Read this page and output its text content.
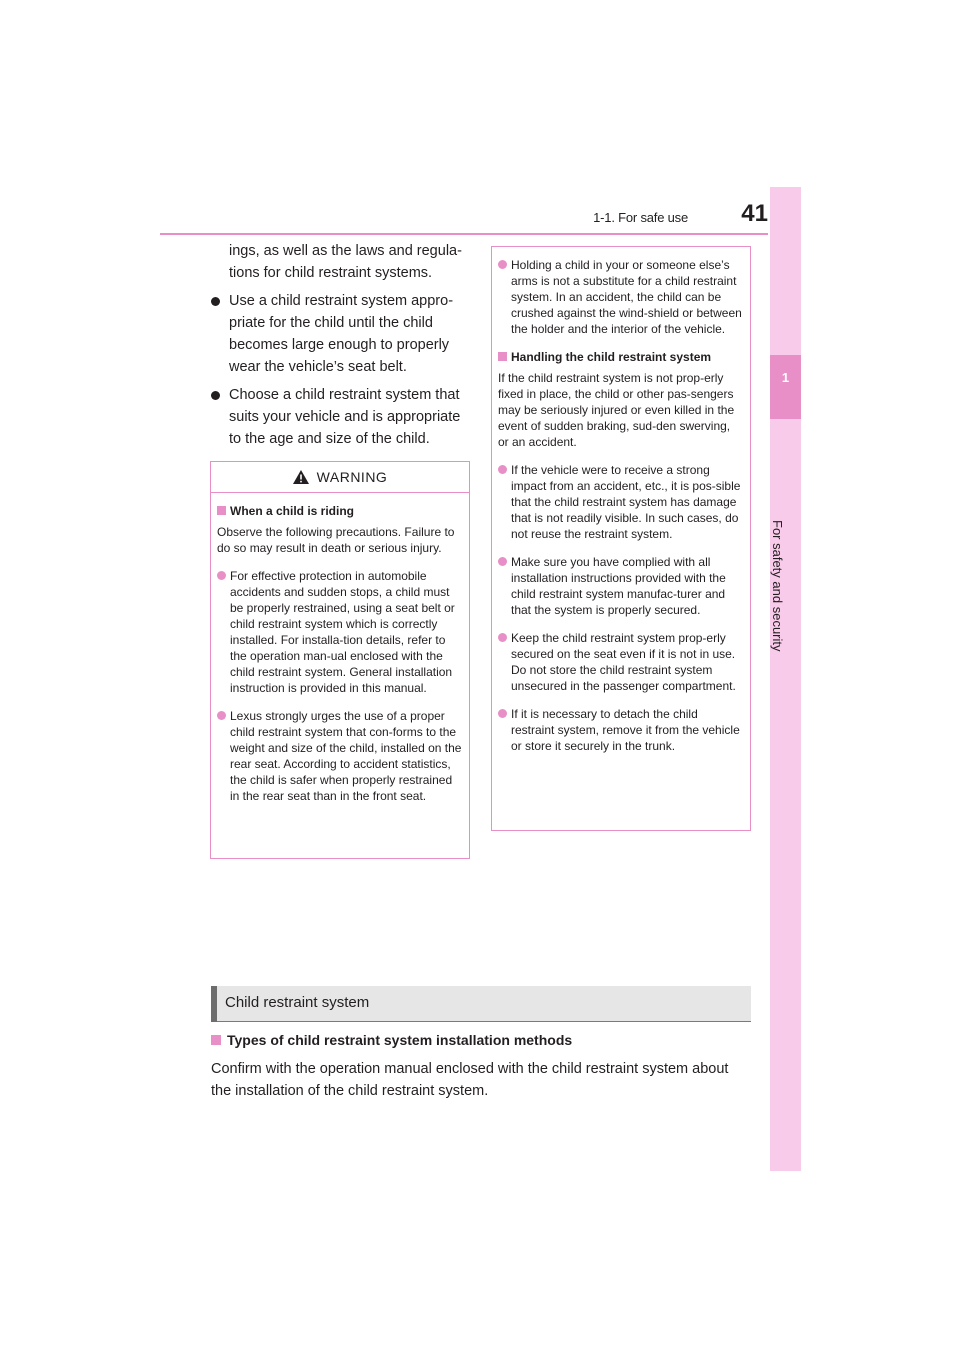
1-1. For safe use 41
1
For safety and security

ings, as well as the laws and regula-tions for child restraint systems.

Use a child restraint system appro-priate for the child until the child becomes large enough to properly wear the vehicle’s seat belt.
Choose a child restraint system that suits your vehicle and is appropriate to the age and size of the child.
WARNING
When a child is riding

Observe the following precautions. Failure to do so may result in death or serious injury.

For effective protection in automobile accidents and sudden stops, a child must be properly restrained, using a seat belt or child restraint system which is correctly installed. For installa-tion details, refer to the operation man-ual enclosed with the child restraint system. General installation instruction is provided in this manual.
Lexus strongly urges the use of a proper child restraint system that con-forms to the weight and size of the child, installed on the rear seat. According to accident statistics, the child is safer when properly restrained in the rear seat than in the front seat.
Holding a child in your or someone else’s arms is not a substitute for a child restraint system. In an accident, the child can be crushed against the wind-shield or between the holder and the interior of the vehicle.
Handling the child restraint system

If the child restraint system is not prop-erly fixed in place, the child or other pas-sengers may be seriously injured or even killed in the event of sudden braking, sud-den swerving, or an accident.

If the vehicle were to receive a strong impact from an accident, etc., it is pos-sible that the child restraint system has damage that is not readily visible. In such cases, do not reuse the restraint system.
Make sure you have complied with all installation instructions provided with the child restraint system manufac-turer and that the system is properly secured.
Keep the child restraint system prop-erly secured on the seat even if it is not in use. Do not store the child restraint system unsecured in the passenger compartment.
If it is necessary to detach the child restraint system, remove it from the vehicle or store it securely in the trunk.
Child restraint system
Types of child restraint system installation methods

Confirm with the operation manual enclosed with the child restraint system about the installation of the child restraint system.
